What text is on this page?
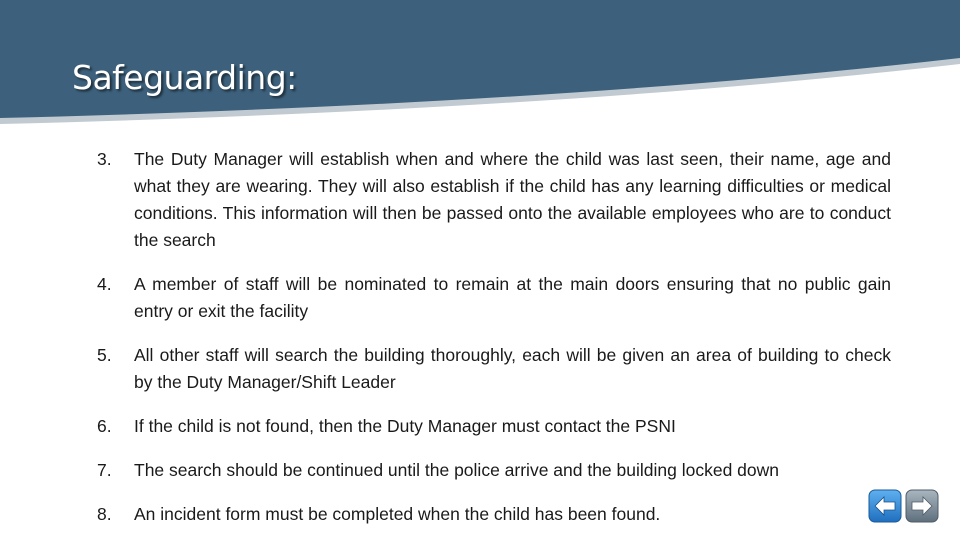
Safeguarding:
3. The Duty Manager will establish when and where the child was last seen, their name, age and what they are wearing. They will also establish if the child has any learning difficulties or medical conditions. This information will then be passed onto the available employees who are to conduct the search
4. A member of staff will be nominated to remain at the main doors ensuring that no public gain entry or exit the facility
5. All other staff will search the building thoroughly, each will be given an area of building to check by the Duty Manager/Shift Leader
6. If the child is not found, then the Duty Manager must contact the PSNI
7. The search should be continued until the police arrive and the building locked down
8. An incident form must be completed when the child has been found.
